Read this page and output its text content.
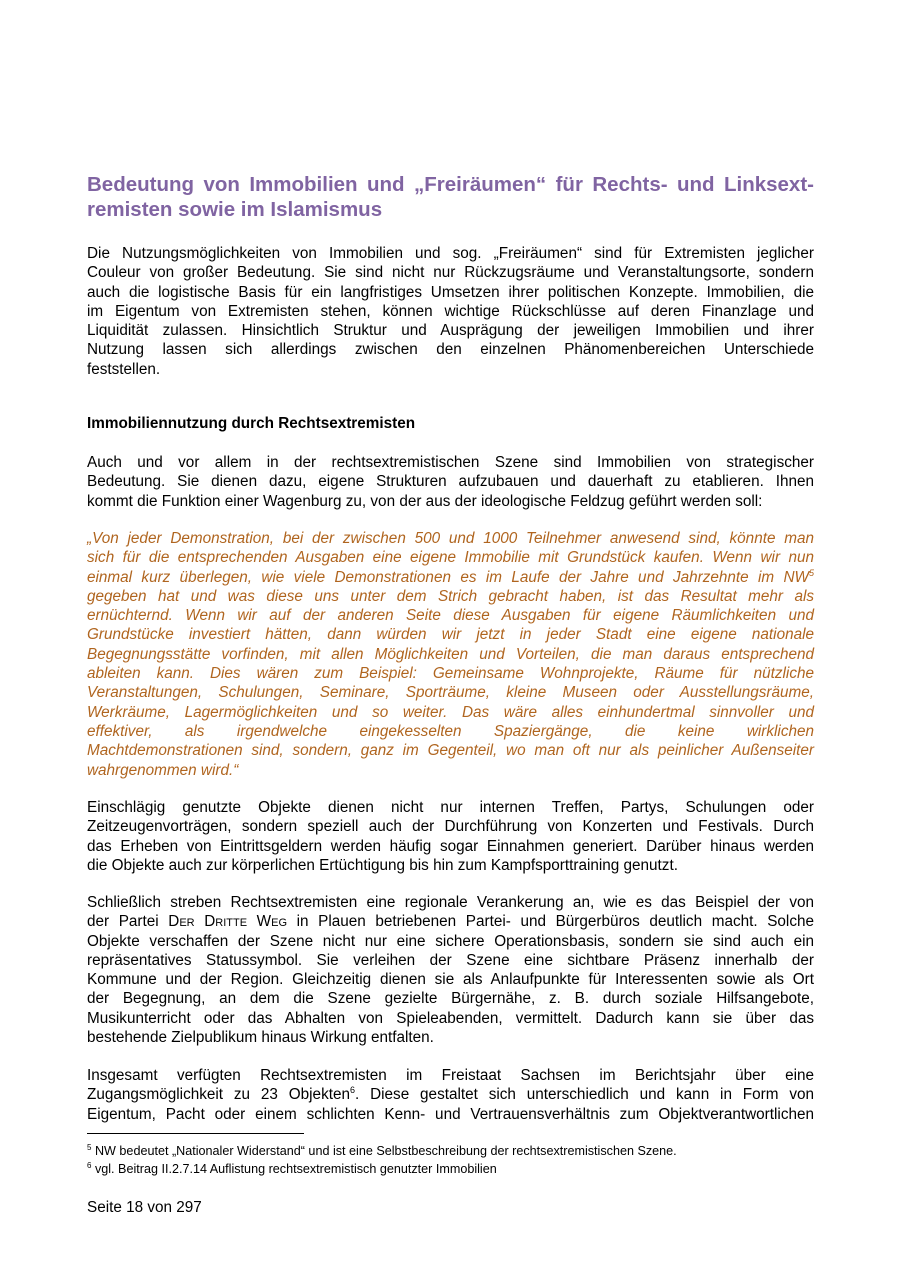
Bedeutung von Immobilien und „Freiräumen“ für Rechts- und Linksext-
remisten sowie im Islamismus
Die Nutzungsmöglichkeiten von Immobilien und sog. „Freiräumen“ sind für Extremisten jeglicher
Couleur von großer Bedeutung. Sie sind nicht nur Rückzugsräume und Veranstaltungsorte, sondern
auch die logistische Basis für ein langfristiges Umsetzen ihrer politischen Konzepte. Immobilien, die
im Eigentum von Extremisten stehen, können wichtige Rückschlüsse auf deren Finanzlage und
Liquidität zulassen. Hinsichtlich Struktur und Ausprägung der jeweiligen Immobilien und ihrer
Nutzung lassen sich allerdings zwischen den einzelnen Phänomenbereichen Unterschiede
feststellen.
Immobiliennutzung durch Rechtsextremisten
Auch und vor allem in der rechtsextremistischen Szene sind Immobilien von strategischer
Bedeutung. Sie dienen dazu, eigene Strukturen aufzubauen und dauerhaft zu etablieren. Ihnen
kommt die Funktion einer Wagenburg zu, von der aus der ideologische Feldzug geführt werden soll:
„Von jeder Demonstration, bei der zwischen 500 und 1000 Teilnehmer anwesend sind, könnte man
sich für die entsprechenden Ausgaben eine eigene Immobilie mit Grundstück kaufen. Wenn wir nun
einmal kurz überlegen, wie viele Demonstrationen es im Laufe der Jahre und Jahrzehnte im $NW^5$
gegeben hat und was diese uns unter dem Strich gebracht haben, ist das Resultat mehr als
ernüchternd. Wenn wir auf der anderen Seite diese Ausgaben für eigene Räumlichkeiten und
Grundstücke investiert hätten, dann würden wir jetzt in jeder Stadt eine eigene nationale
Begegnungsstätte vorfinden, mit allen Möglichkeiten und Vorteilen, die man daraus entsprechend
ableiten kann. Dies wären zum Beispiel: Gemeinsame Wohnprojekte, Räume für nützliche
Veranstaltungen, Schulungen, Seminare, Sporträume, kleine Museen oder Ausstellungsräume,
Werkräume, Lagermöglichkeiten und so weiter. Das wäre alles einhundertmal sinnvoller und
effektiver, als irgendwelche eingekesselten Spaziergänge, die keine wirklichen
Machtdemonstrationen sind, sondern, ganz im Gegenteil, wo man oft nur als peinlicher Außenseiter
wahrgenommen wird.“
Einschlägig genutzte Objekte dienen nicht nur internen Treffen, Partys, Schulungen oder
Zeitzeugenvorträgen, sondern speziell auch der Durchführung von Konzerten und Festivals. Durch
das Erheben von Eintrittsgeldern werden häufig sogar Einnahmen generiert. Darüber hinaus werden
die Objekte auch zur körperlichen Ertüchtigung bis hin zum Kampfsporttraining genutzt.
Schließlich streben Rechtsextremisten eine regionale Verankerung an, wie es das Beispiel der von
der Partei Der Dritte Weg in Plauen betriebenen Partei- und Bürgerbüros deutlich macht. Solche
Objekte verschaffen der Szene nicht nur eine sichere Operationsbasis, sondern sie sind auch ein
repräsentatives Statussymbol. Sie verleihen der Szene eine sichtbare Präsenz innerhalb der
Kommune und der Region. Gleichzeitig dienen sie als Anlaufpunkte für Interessenten sowie als Ort
der Begegnung, an dem die Szene gezielte Bürgernähe, z. B. durch soziale Hilfsangebote,
Musikunterricht oder das Abhalten von Spieleabenden, vermittelt. Dadurch kann sie über das
bestehende Zielpublikum hinaus Wirkung entfalten.
Insgesamt verfügten Rechtsextremisten im Freistaat Sachsen im Berichtsjahr über eine
Zugangsmöglichkeit zu 23 Objekten$^6$. Diese gestaltet sich unterschiedlich und kann in Form von
Eigentum, Pacht oder einem schlichten Kenn- und Vertrauensverhältnis zum Objektverantwortlichen
$^5$ NW bedeutet „Nationaler Widerstand“ und ist eine Selbstbeschreibung der rechtsextremistischen Szene.
$^6$ vgl. Beitrag II.2.7.14 Auflistung rechtsextremistisch genutzter Immobilien
Seite 18 von 297
